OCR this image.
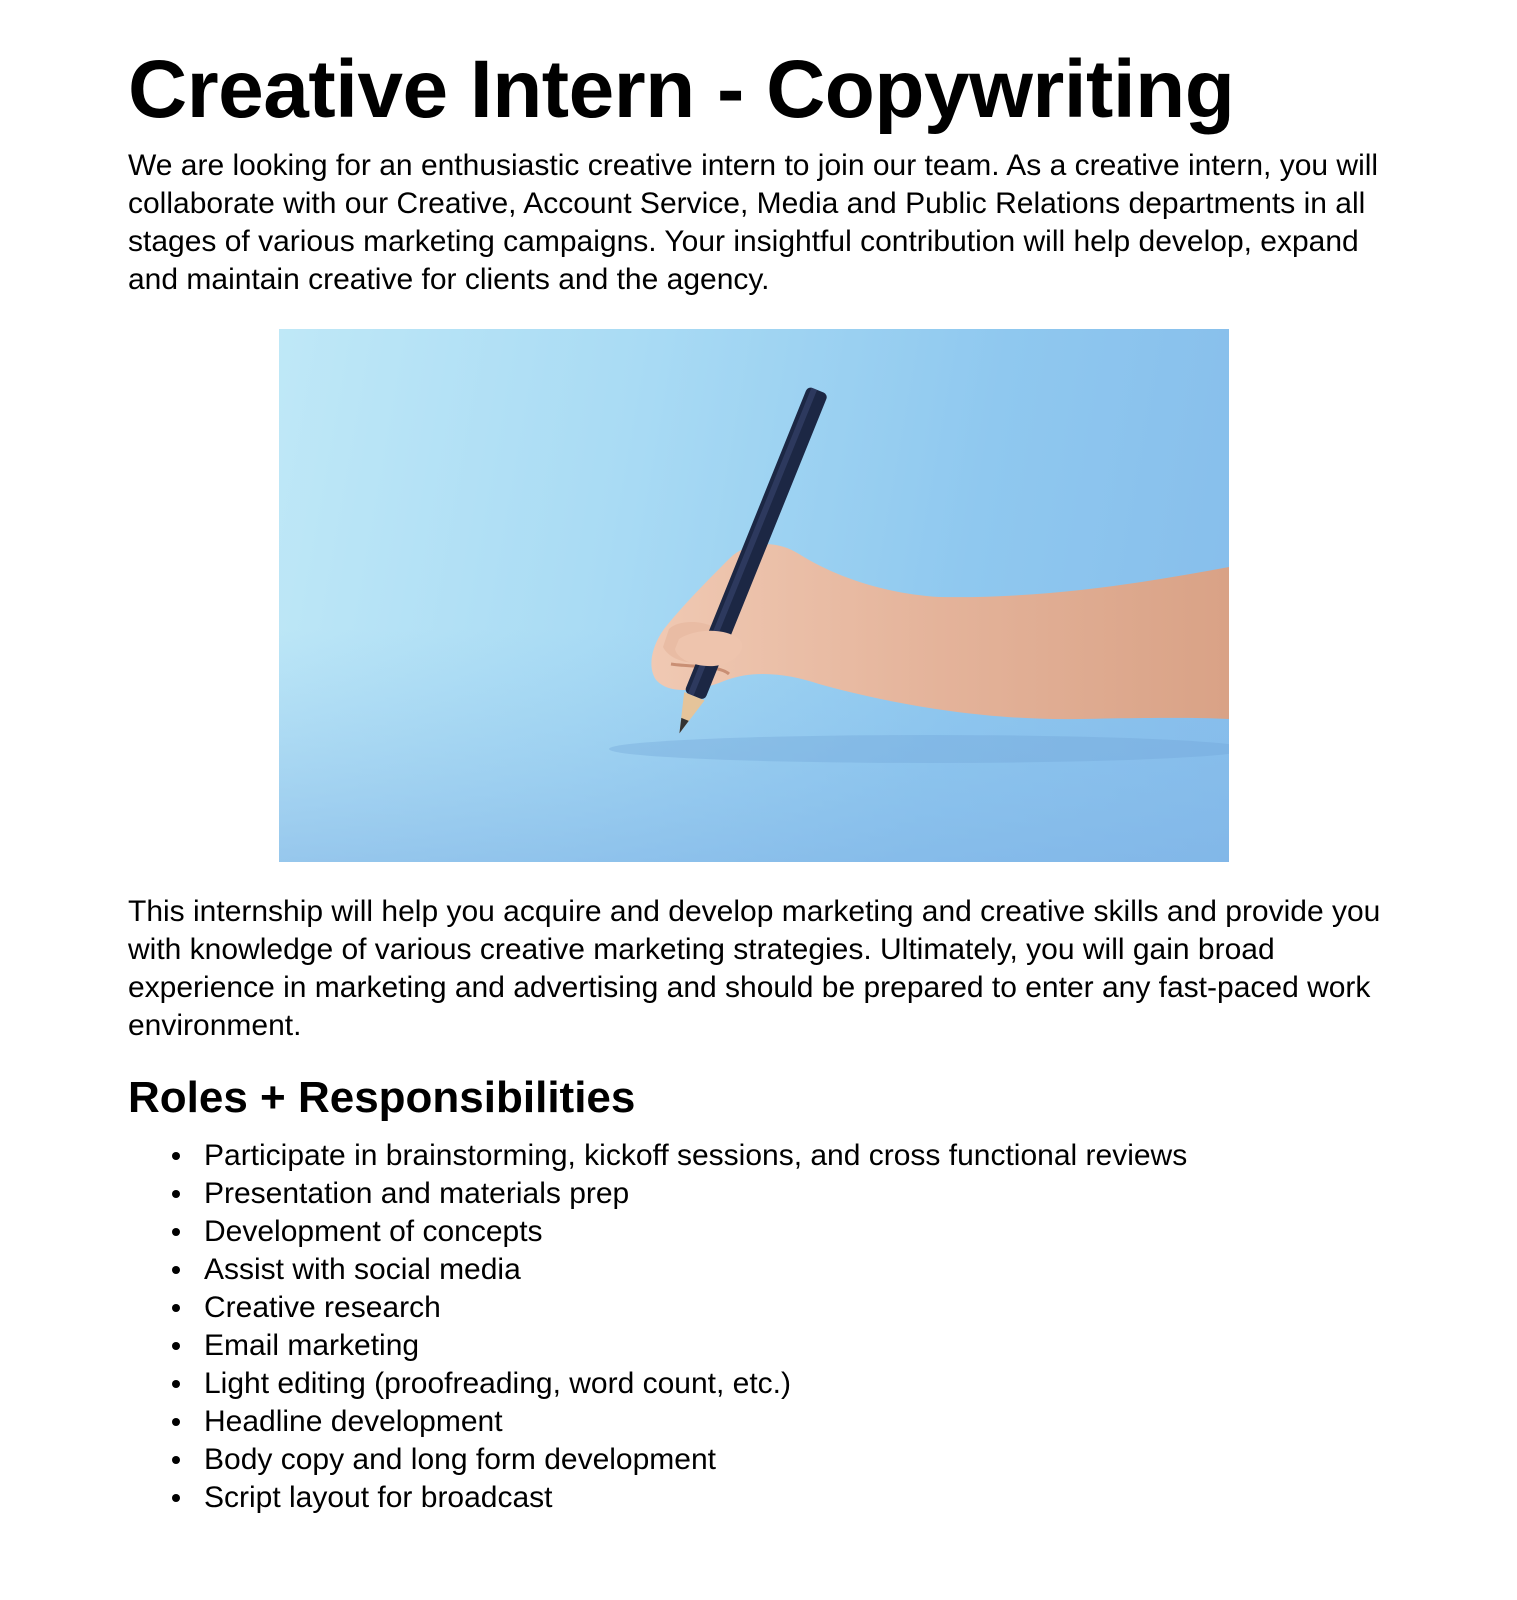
Creative Intern - Copywriting

We are looking for an enthusiastic creative intern to join our team. As a creative intern, you will collaborate with our Creative, Account Service, Media and Public Relations departments in all stages of various marketing campaigns. Your insightful contribution will help develop, expand and maintain creative for clients and the agency.

This internship will help you acquire and develop marketing and creative skills and provide you with knowledge of various creative marketing strategies. Ultimately, you will gain broad experience in marketing and advertising and should be prepared to enter any fast-paced work environment.

Roles + Responsibilities
Participate in brainstorming, kickoff sessions, and cross functional reviews
Presentation and materials prep
Development of concepts
Assist with social media
Creative research
Email marketing
Light editing (proofreading, word count, etc.)
Headline development
Body copy and long form development
Script layout for broadcast
